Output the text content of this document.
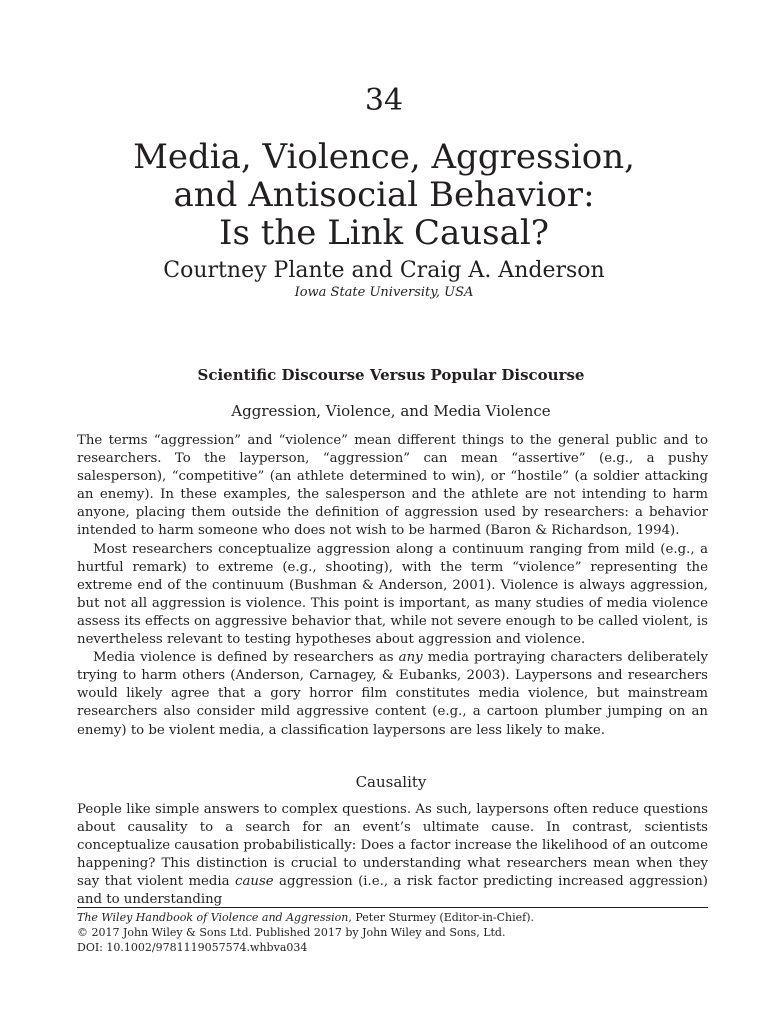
34
Media, Violence, Aggression,
and Antisocial Behavior:
Is the Link Causal?
Courtney Plante and Craig A. Anderson
Iowa State University, USA
Scientific Discourse Versus Popular Discourse
Aggression, Violence, and Media Violence

The terms “aggression” and “violence” mean different things to the general public and to researchers. To the layperson, “aggression” can mean “assertive” (e.g., a pushy salesperson), “competitive” (an athlete determined to win), or “hostile” (a soldier attacking an enemy). In these examples, the salesperson and the athlete are not intending to harm anyone, placing them outside the definition of aggression used by researchers: a behavior intended to harm someone who does not wish to be harmed (Baron & Richardson, 1994).

Most researchers conceptualize aggression along a continuum ranging from mild (e.g., a hurtful remark) to extreme (e.g., shooting), with the term “violence” representing the extreme end of the continuum (Bushman & Anderson, 2001). Violence is always aggression, but not all aggression is violence. This point is important, as many studies of media violence assess its effects on aggressive behavior that, while not severe enough to be called violent, is nevertheless relevant to testing hypotheses about aggression and violence.

Media violence is defined by researchers as any media portraying characters deliberately trying to harm others (Anderson, Carnagey, & Eubanks, 2003). Laypersons and researchers would likely agree that a gory horror film constitutes media violence, but mainstream researchers also consider mild aggressive content (e.g., a cartoon plumber jumping on an enemy) to be violent media, a classification laypersons are less likely to make.

Causality

People like simple answers to complex questions. As such, laypersons often reduce questions about causality to a search for an event’s ultimate cause. In contrast, scientists conceptualize causation probabilistically: Does a factor increase the likelihood of an outcome happening? This distinction is crucial to understanding what researchers mean when they say that violent media cause aggression (i.e., a risk factor predicting increased aggression) and to understanding

The Wiley Handbook of Violence and Aggression, Peter Sturmey (Editor-in-Chief).
© 2017 John Wiley & Sons Ltd. Published 2017 by John Wiley and Sons, Ltd.
DOI: 10.1002/9781119057574.whbva034
